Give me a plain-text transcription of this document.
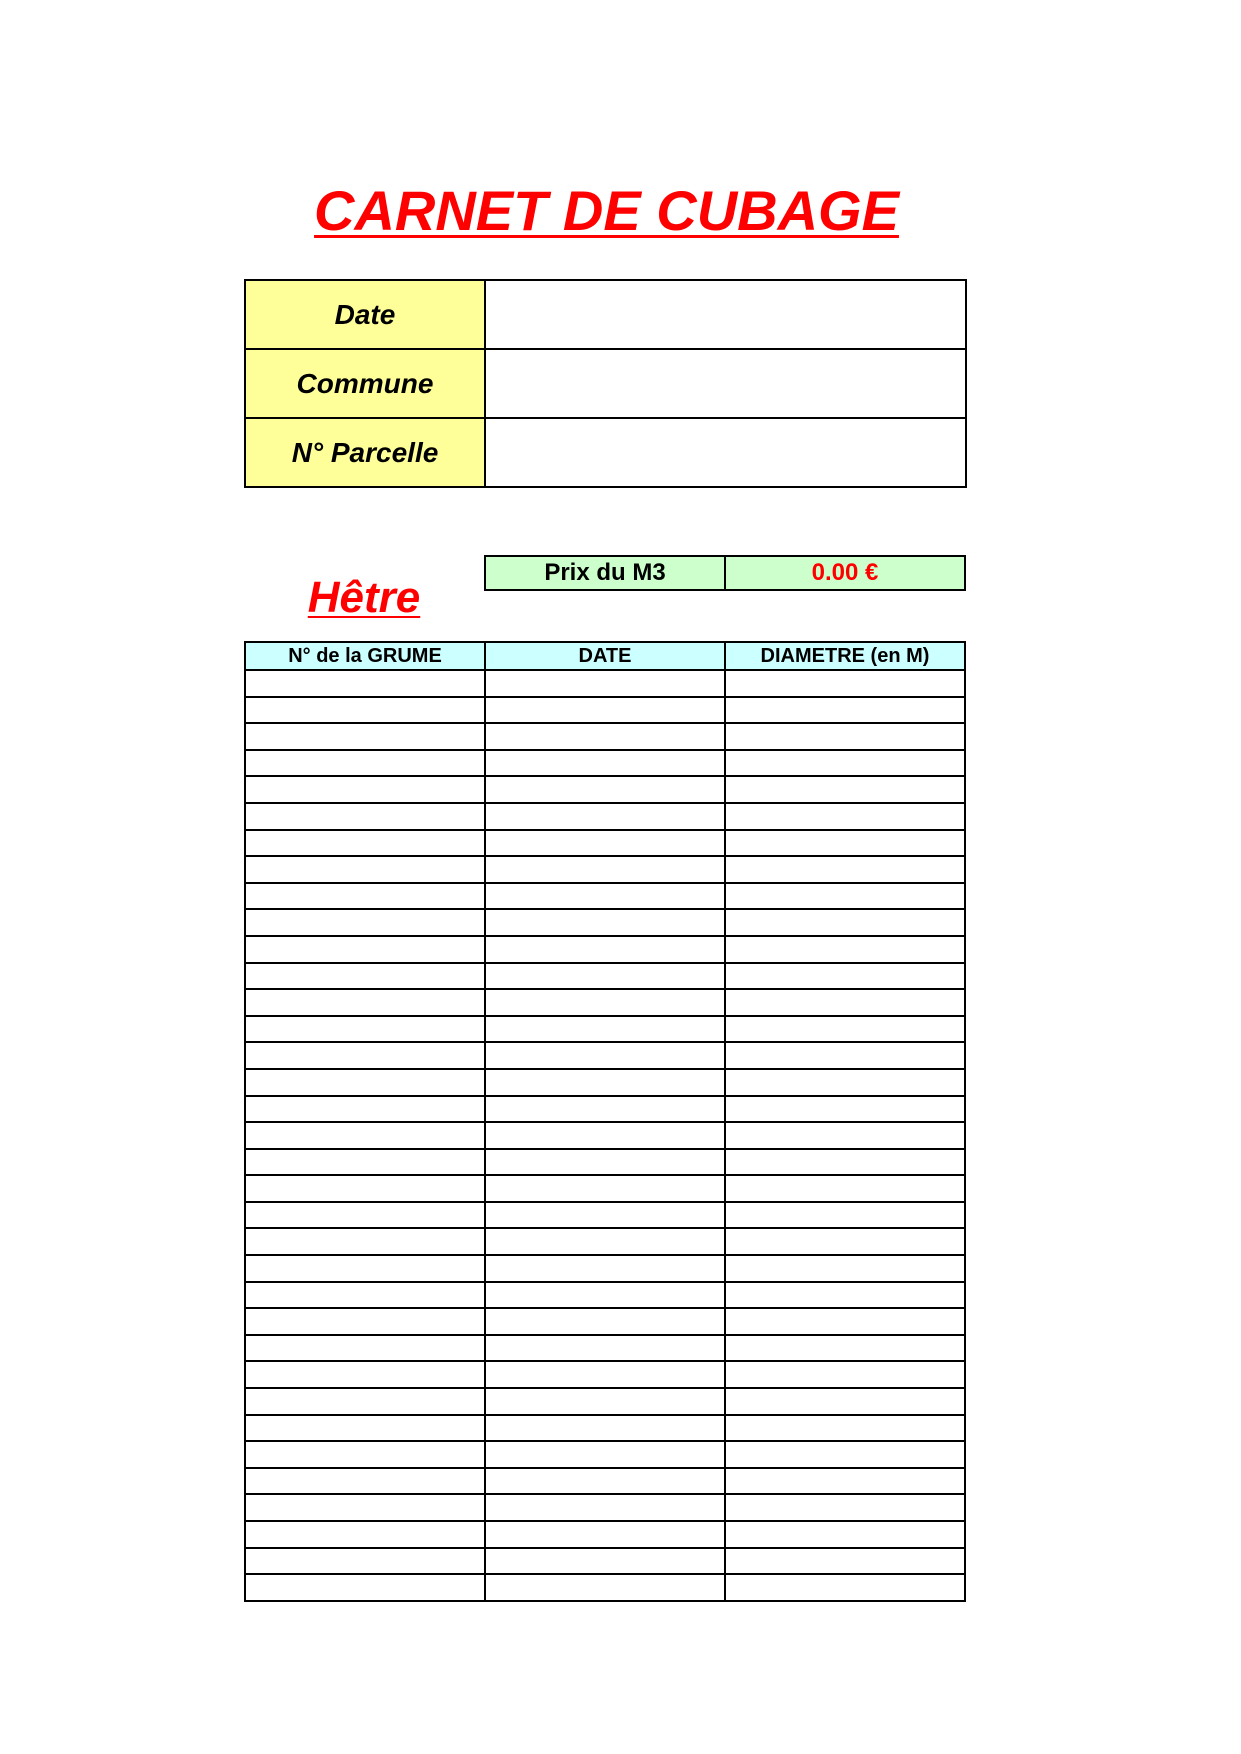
CARNET DE CUBAGE
Date	
Commune	
N° Parcelle	
Prix du M3	0.00 €
Hêtre
N° de la GRUME	DATE	DIAMETRE (en M)
